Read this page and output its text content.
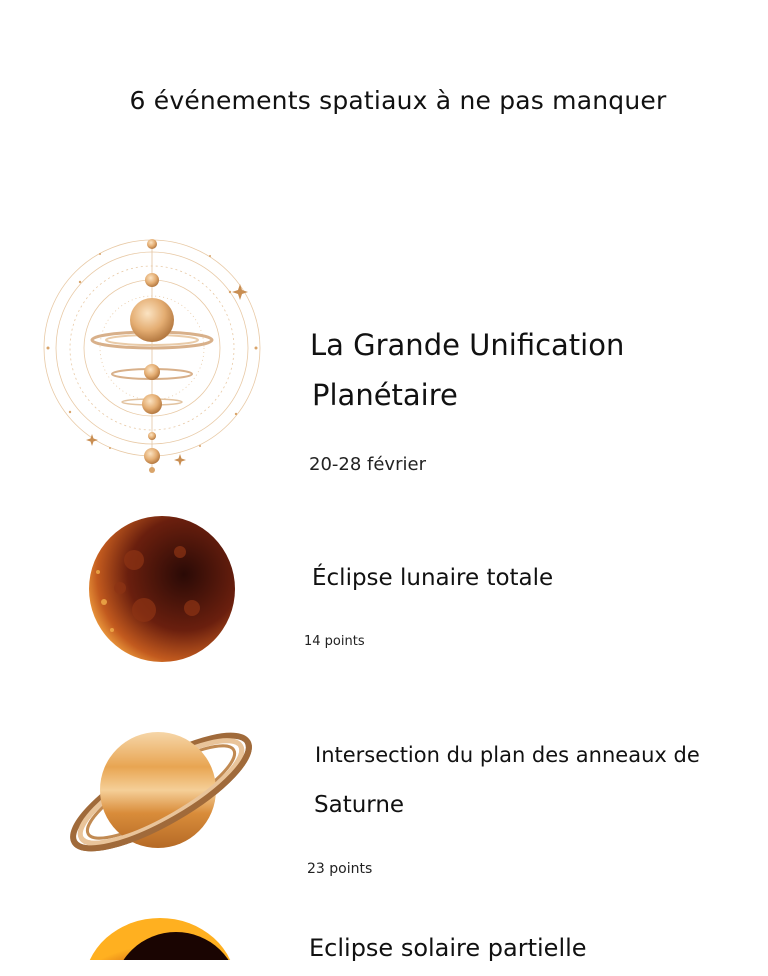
6 événements spatiaux à ne pas manquer
La Grande Unification
Planétaire
20-28 février
Éclipse lunaire totale
14 points
Intersection du plan des anneaux de
Saturne
23 points
Eclipse solaire partielle
